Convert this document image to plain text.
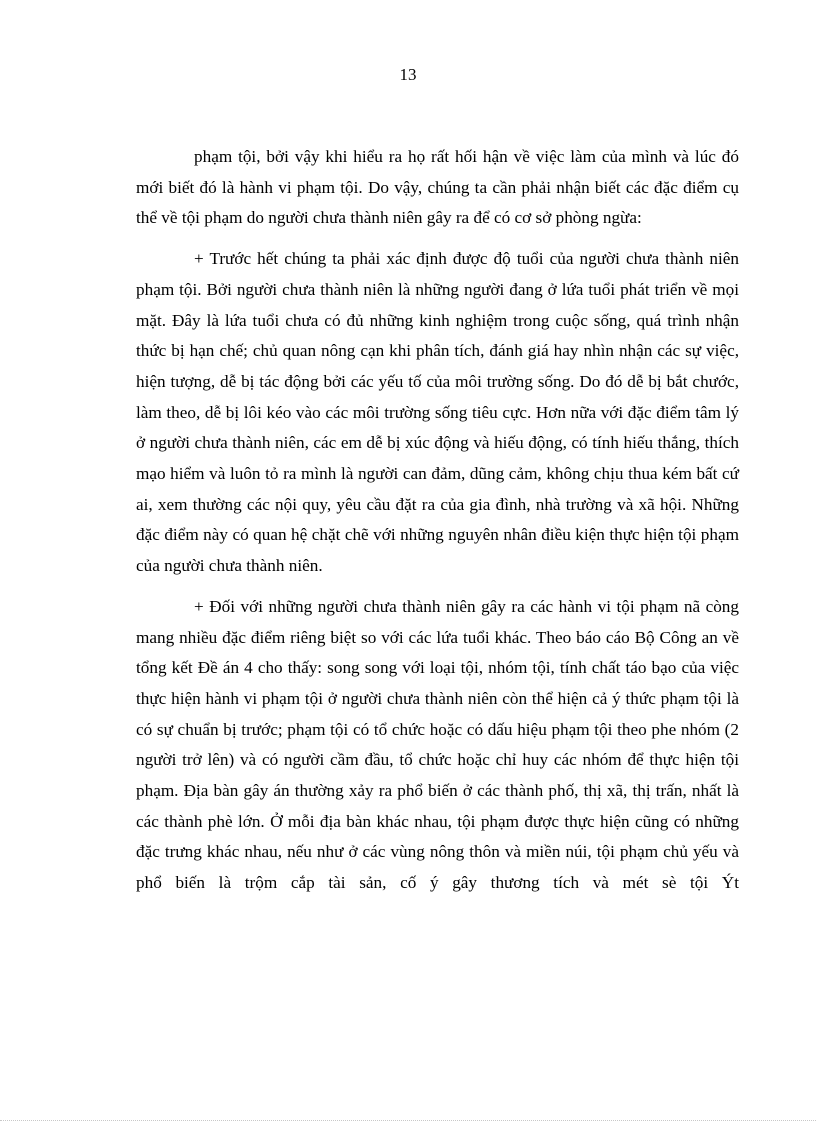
13

phạm tội, bởi vậy khi hiểu ra họ rất hối hận về việc làm của mình và lúc đó mới biết đó là hành vi phạm tội. Do vậy, chúng ta cần phải nhận biết các đặc điểm cụ thể về tội phạm do người chưa thành niên gây ra để có cơ sở phòng ngừa:

+ Trước hết chúng ta phải xác định được độ tuổi của người chưa thành niên phạm tội. Bởi người chưa thành niên là những người đang ở lứa tuổi phát triển về mọi mặt. Đây là lứa tuổi chưa có đủ những kinh nghiệm trong cuộc sống, quá trình nhận thức bị hạn chế; chủ quan nông cạn khi phân tích, đánh giá hay nhìn nhận các sự việc, hiện tượng, dễ bị tác động bởi các yếu tố của môi trường sống. Do đó dễ bị bắt chước, làm theo, dễ bị lôi kéo vào các môi trường sống tiêu cực. Hơn nữa với đặc điểm tâm lý ở người chưa thành niên, các em dễ bị xúc động và hiếu động, có tính hiếu thắng, thích mạo hiểm và luôn tỏ ra mình là người can đảm, dũng cảm, không chịu thua kém bất cứ ai, xem thường các nội quy, yêu cầu đặt ra của gia đình, nhà trường và xã hội. Những đặc điểm này có quan hệ chặt chẽ với những nguyên nhân điều kiện thực hiện tội phạm của người chưa thành niên.

+ Đối với những người chưa thành niên gây ra các hành vi tội phạm nã còng mang nhiều đặc điểm riêng biệt so với các lứa tuổi khác. Theo báo cáo Bộ Công an về tổng kết Đề án 4 cho thấy: song song với loại tội, nhóm tội, tính chất táo bạo của việc thực hiện hành vi phạm tội ở người chưa thành niên còn thể hiện cả ý thức phạm tội là có sự chuẩn bị trước; phạm tội có tổ chức hoặc có dấu hiệu phạm tội theo phe nhóm (2 người trở lên) và có người cầm đầu, tổ chức hoặc chỉ huy các nhóm để thực hiện tội phạm. Địa bàn gây án thường xảy ra phổ biến ở các thành phố, thị xã, thị trấn, nhất là các thành phè lớn. Ở mỗi địa bàn khác nhau, tội phạm được thực hiện cũng có những đặc trưng khác nhau, nếu như ở các vùng nông thôn và miền núi, tội phạm chủ yếu và phổ biến là trộm cắp tài sản, cố ý gây thương tích và mét sè tội Ýt
